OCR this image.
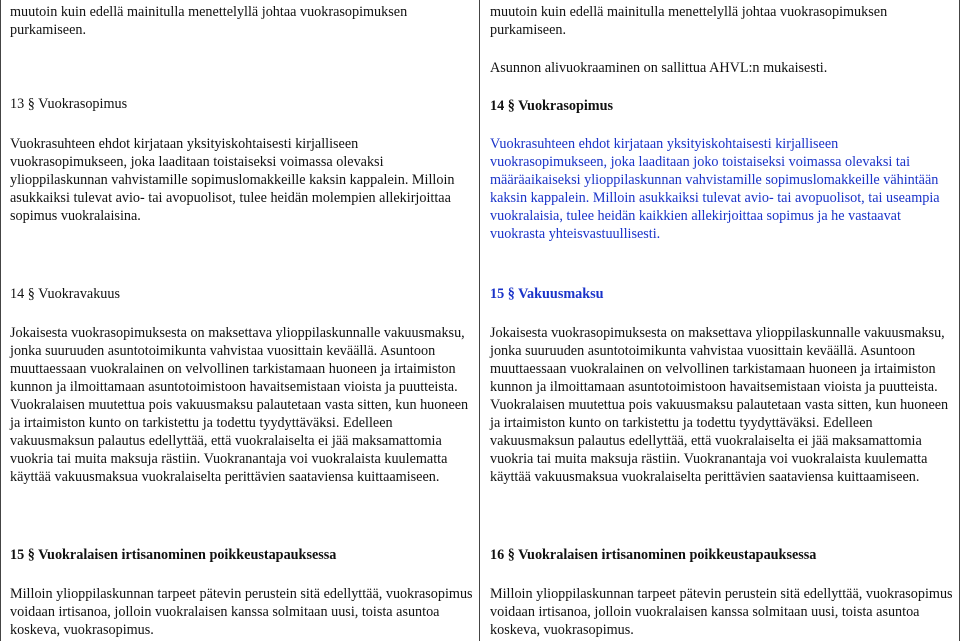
muutoin kuin edellä mainitulla menettelyllä johtaa vuokrasopimuksen purkamiseen.

13 § Vuokrasopimus

Vuokrasuhteen ehdot kirjataan yksityiskohtaisesti kirjalliseen vuokrasopimukseen, joka laaditaan toistaiseksi voimassa olevaksi ylioppilaskunnan vahvistamille sopimuslomakkeille kaksin kappalein. Milloin asukkaiksi tulevat avio- tai avopuolisot, tulee heidän molempien allekirjoittaa sopimus vuokralaisina.

14 § Vuokravakuus

Jokaisesta vuokrasopimuksesta on maksettava ylioppilaskunnalle vakuusmaksu, jonka suuruuden asuntotoimikunta vahvistaa vuosittain keväällä. Asuntoon muuttaessaan vuokralainen on velvollinen tarkistamaan huoneen ja irtaimiston kunnon ja ilmoittamaan asuntotoimistoon havaitsemistaan vioista ja puutteista. Vuokralaisen muutettua pois vakuusmaksu palautetaan vasta sitten, kun huoneen ja irtaimiston kunto on tarkistettu ja todettu tyydyttäväksi. Edelleen vakuusmaksun palautus edellyttää, että vuokralaiselta ei jää maksamattomia vuokria tai muita maksuja rästiin. Vuokranantaja voi vuokralaista kuulematta käyttää vakuusmaksua vuokralaiselta perittävien saataviensa kuittaamiseen.

15 § Vuokralaisen irtisanominen poikkeustapauksessa

Milloin ylioppilaskunnan tarpeet pätevin perustein sitä edellyttää, vuokrasopimus voidaan irtisanoa, jolloin vuokralaisen kanssa solmitaan uusi, toista asuntoa koskeva, vuokrasopimus.

muutoin kuin edellä mainitulla menettelyllä johtaa vuokrasopimuksen purkamiseen.

Asunnon alivuokraaminen on sallittua AHVL:n mukaisesti.

14 § Vuokrasopimus

Vuokrasuhteen ehdot kirjataan yksityiskohtaisesti kirjalliseen vuokrasopimukseen, joka laaditaan joko toistaiseksi voimassa olevaksi tai määräaikaiseksi ylioppilaskunnan vahvistamille sopimuslomakkeille vähintään kaksin kappalein. Milloin asukkaiksi tulevat avio- tai avopuolisot, tai useampia vuokralaisia, tulee heidän kaikkien allekirjoittaa sopimus ja he vastaavat vuokrasta yhteisvastuullisesti.

15 § Vakuusmaksu

Jokaisesta vuokrasopimuksesta on maksettava ylioppilaskunnalle vakuusmaksu, jonka suuruuden asuntotoimikunta vahvistaa vuosittain keväällä. Asuntoon muuttaessaan vuokralainen on velvollinen tarkistamaan huoneen ja irtaimiston kunnon ja ilmoittamaan asuntotoimistoon havaitsemistaan vioista ja puutteista. Vuokralaisen muutettua pois vakuusmaksu palautetaan vasta sitten, kun huoneen ja irtaimiston kunto on tarkistettu ja todettu tyydyttäväksi. Edelleen vakuusmaksun palautus edellyttää, että vuokralaiselta ei jää maksamattomia vuokria tai muita maksuja rästiin. Vuokranantaja voi vuokralaista kuulematta käyttää vakuusmaksua vuokralaiselta perittävien saataviensa kuittaamiseen.

16 § Vuokralaisen irtisanominen poikkeustapauksessa

Milloin ylioppilaskunnan tarpeet pätevin perustein sitä edellyttää, vuokrasopimus voidaan irtisanoa, jolloin vuokralaisen kanssa solmitaan uusi, toista asuntoa koskeva, vuokrasopimus.
